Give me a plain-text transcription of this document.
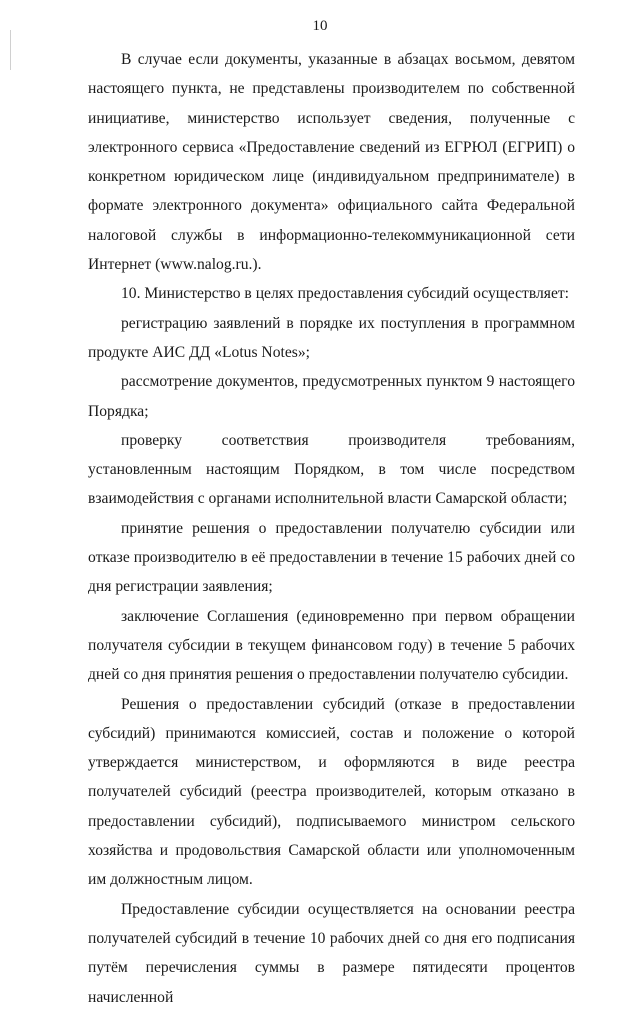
10

В случае если документы, указанные в абзацах восьмом, девятом настоящего пункта, не представлены производителем по собственной инициативе, министерство использует сведения, полученные с электронного сервиса «Предоставление сведений из ЕГРЮЛ (ЕГРИП) о конкретном юридическом лице (индивидуальном предпринимателе) в формате электронного документа» официального сайта Федеральной налоговой службы в информационно-телекоммуникационной сети Интернет (www.nalog.ru.).

10. Министерство в целях предоставления субсидий осуществляет:

регистрацию заявлений в порядке их поступления в программном продукте АИС ДД «Lotus Notes»;

рассмотрение документов, предусмотренных пунктом 9 настоящего Порядка;

проверку соответствия производителя требованиям, установленным настоящим Порядком, в том числе посредством взаимодействия с органами исполнительной власти Самарской области;

принятие решения о предоставлении получателю субсидии или отказе производителю в её предоставлении в течение 15 рабочих дней со дня регистрации заявления;

заключение Соглашения (единовременно при первом обращении получателя субсидии в текущем финансовом году) в течение 5 рабочих дней со дня принятия решения о предоставлении получателю субсидии.

Решения о предоставлении субсидий (отказе в предоставлении субсидий) принимаются комиссией, состав и положение о которой утверждается министерством, и оформляются в виде реестра получателей субсидий (реестра производителей, которым отказано в предоставлении субсидий), подписываемого министром сельского хозяйства и продовольствия Самарской области или уполномоченным им должностным лицом.

Предоставление субсидии осуществляется на основании реестра получателей субсидий в течение 10 рабочих дней со дня его подписания путём перечисления суммы в размере пятидесяти процентов начисленной
